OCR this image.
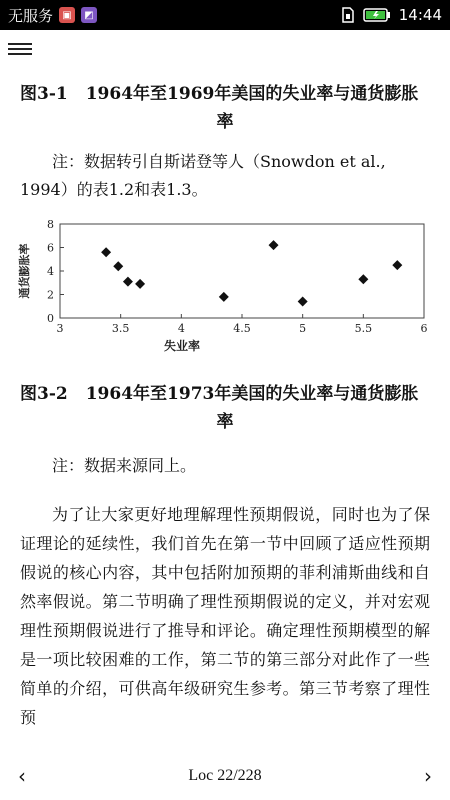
无服务 ▣	◩	14:44
图3-1 1964年至1969年美国的失业率与通货膨胀
率

注：数据转引自斯诺登等人（Snowdon et al., 1994）的表1.2和表1.3。

3	3.5	4	4.5	5	5.5	6
0
2
4
6
8
失业率
通货膨胀率
图3-2 1964年至1973年美国的失业率与通货膨胀
率

注：数据来源同上。

为了让大家更好地理解理性预期假说，同时也为了保证理论的延续性，我们首先在第一节中回顾了适应性预期假说的核心内容，其中包括附加预期的菲利浦斯曲线和自然率假说。第二节明确了理性预期假说的定义，并对宏观理性预期假说进行了推导和评论。确定理性预期模型的解是一项比较困难的工作，第二节的第三部分对此作了一些简单的介绍，可供高年级研究生参考。第三节考察了理性预

‹	Loc 22/228	›
